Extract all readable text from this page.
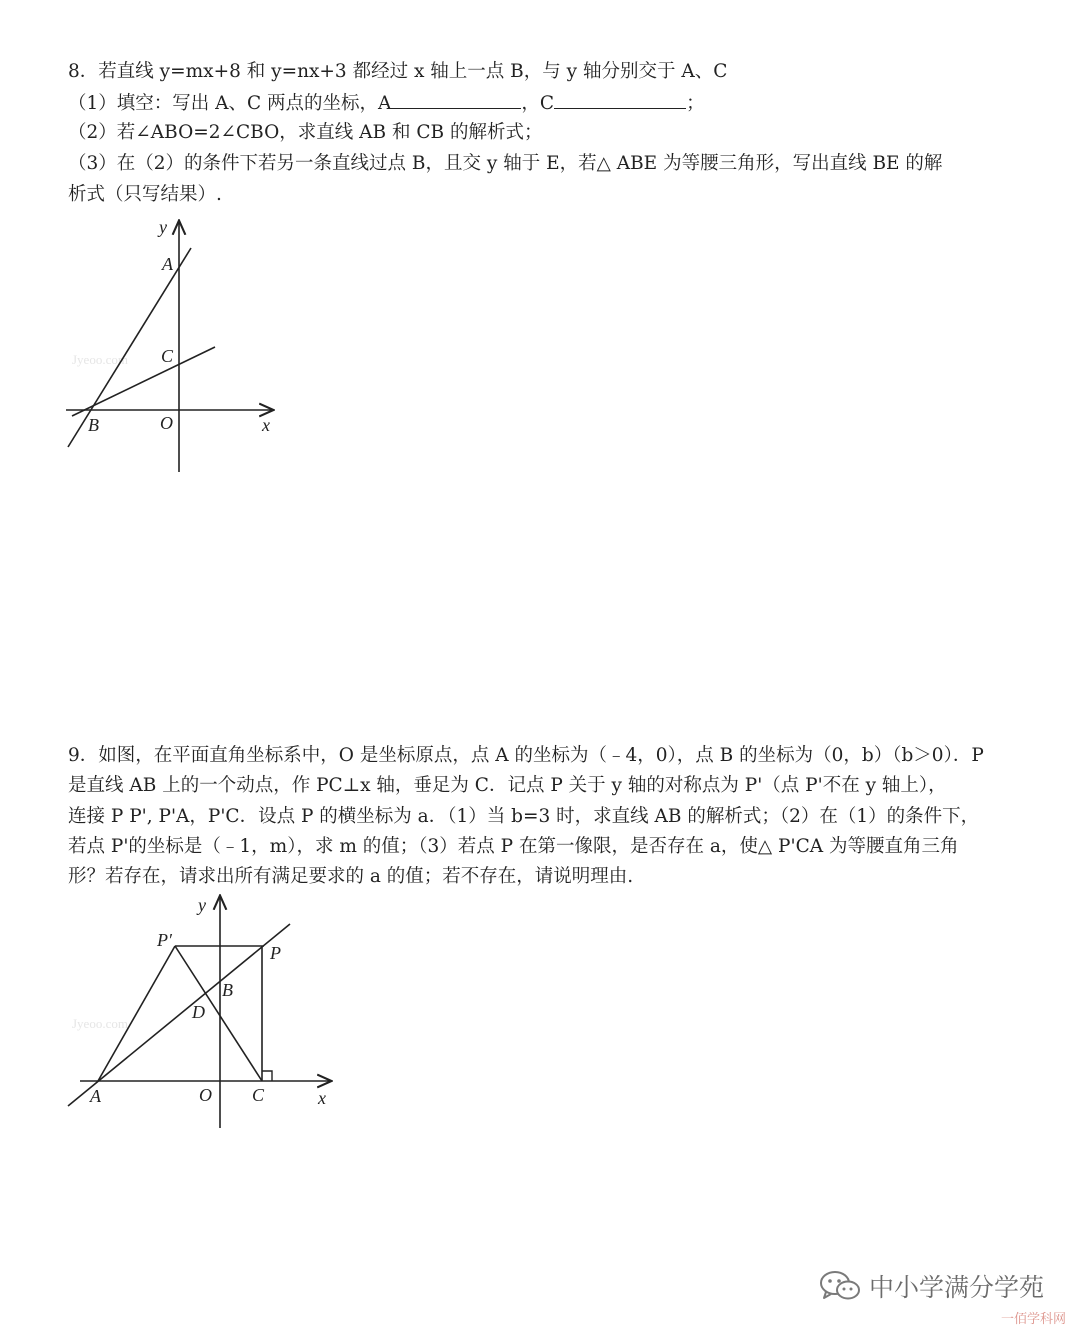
8．若直线 y=mx+8 和 y=nx+3 都经过 x 轴上一点 B，与 y 轴分别交于 A、C
（1）填空：写出 A、C 两点的坐标，A	，C	；
（2）若∠ABO=2∠CBO，求直线 AB 和 CB 的解析式；
（3）在（2）的条件下若另一条直线过点 B，且交 y 轴于 E，若△ ABE 为等腰三角形，写出直线 BE 的解
析式（只写结果）.
Jyeoo.com
y
x
A
C
B	O
9．如图，在平面直角坐标系中，O 是坐标原点，点 A 的坐标为（﹣4，0），点 B 的坐标为（0，b）（b＞0）．P
是直线 AB 上的一个动点，作 PC⊥x 轴，垂足为 C．记点 P 关于 y 轴的对称点为 P'（点 P'不在 y 轴上），
连接 P P', P'A，P'C．设点 P 的横坐标为 a．（1）当 b=3 时，求直线 AB 的解析式；（2）在（1）的条件下，
若点 P'的坐标是（﹣1，m），求 m 的值；（3）若点 P 在第一像限，是否存在 a，使△ P'CA 为等腰直角三角
形？若存在，请求出所有满足要求的 a 的值；若不存在，请说明理由.
Jyeoo.com
y
x
P′
P
B
D
A	O C
中小学满分学苑
一佰学科网
